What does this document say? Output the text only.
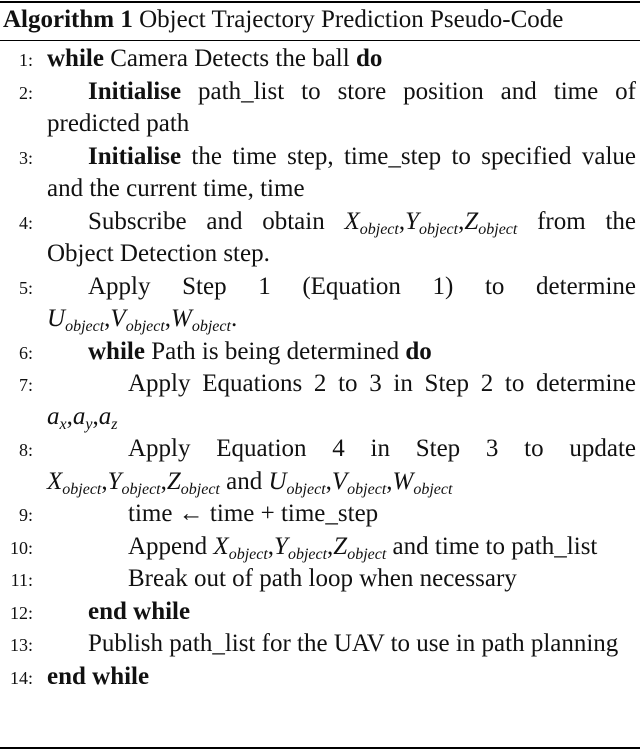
Algorithm 1 Object Trajectory Prediction Pseudo-Code
1: while Camera Detects the ball do
2: Initialise path_list to store position and time of predicted path
3: Initialise the time step, time_step to specified value and the current time, time
4: Subscribe and obtain $X_{object},Y_{object},Z_{object}$ from the Object Detection step.
5: Apply Step 1 (Equation 1) to determine $U_{object},V_{object},W_{object}$.
6: while Path is being determined do
7:	Apply Equations 2 to 3 in Step 2 to determine $a_x,a_y,a_z$
8:	Apply Equation 4 in Step 3 to update $X_{object},Y_{object},Z_{object}$ and $U_{object},V_{object},W_{object}$
9:	time ← time + time_step
10:	Append $X_{object},Y_{object},Z_{object}$ and time to path_list
11:	Break out of path loop when necessary
12: end while
13: Publish path_list for the UAV to use in path planning
14: end while
